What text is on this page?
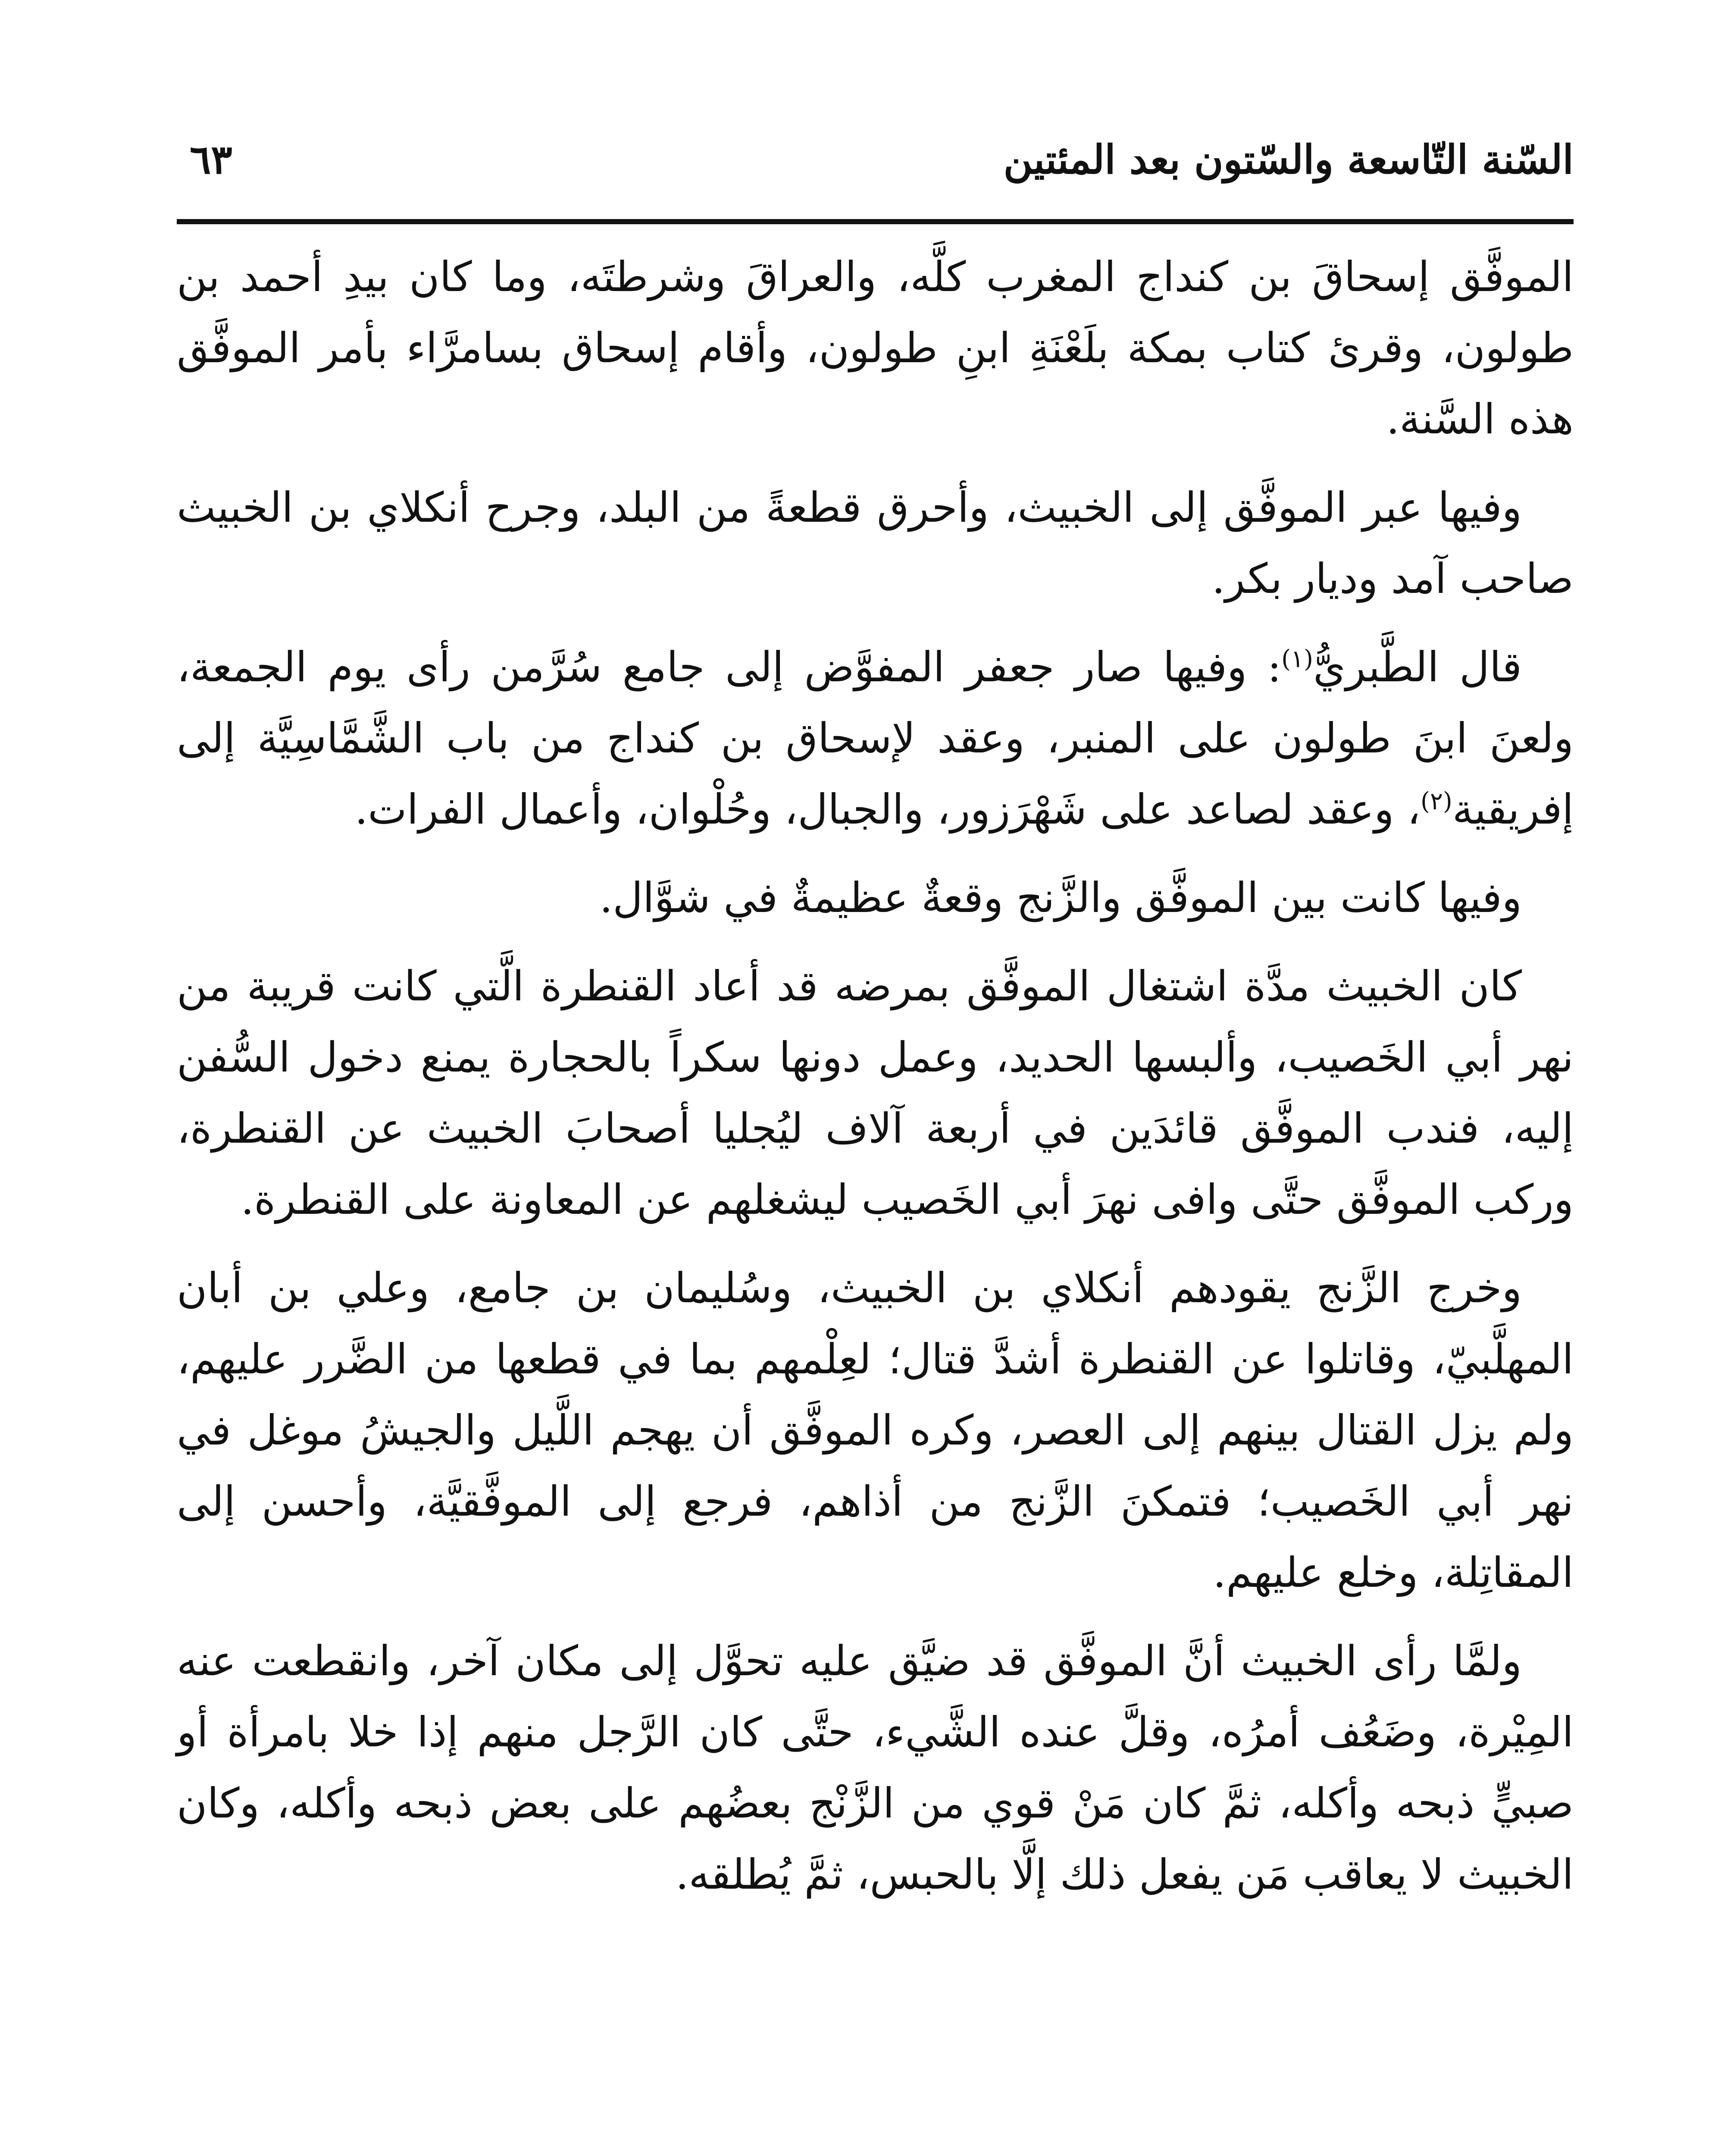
السّنة التّاسعة والسّتون بعد المئتين
٦٣

الموفَّق إسحاقَ بن كنداج المغرب كلَّه، والعراقَ وشرطتَه، وما كان بيدِ أحمد بن طولون، وقرئ كتاب بمكة بلَعْنَةِ ابنِ طولون، وأقام إسحاق بسامرَّاء بأمر الموفَّق هذه السَّنة.

وفيها عبر الموفَّق إلى الخبيث، وأحرق قطعةً من البلد، وجرح أنكلاي بن الخبيث صاحب آمد وديار بكر.

قال الطَّبريُّ$^{(١)}$: وفيها صار جعفر المفوَّض إلى جامع سُرَّمن رأى يوم الجمعة، ولعنَ ابنَ طولون على المنبر، وعقد لإسحاق بن كنداج من باب الشَّمَّاسِيَّة إلى إفريقية$^{(٢)}$، وعقد لصاعد على شَهْرَزور، والجبال، وحُلْوان، وأعمال الفرات.

وفيها كانت بين الموفَّق والزَّنج وقعةٌ عظيمةٌ في شوَّال.

كان الخبيث مدَّة اشتغال الموفَّق بمرضه قد أعاد القنطرة الَّتي كانت قريبة من نهر أبي الخَصيب، وألبسها الحديد، وعمل دونها سكراً بالحجارة يمنع دخول السُّفن إليه، فندب الموفَّق قائدَين في أربعة آلاف ليُجليا أصحابَ الخبيث عن القنطرة، وركب الموفَّق حتَّى وافى نهرَ أبي الخَصيب ليشغلهم عن المعاونة على القنطرة.

وخرج الزَّنج يقودهم أنكلاي بن الخبيث، وسُليمان بن جامع، وعلي بن أبان المهلَّبيّ، وقاتلوا عن القنطرة أشدَّ قتال؛ لعِلْمهم بما في قطعها من الضَّرر عليهم، ولم يزل القتال بينهم إلى العصر، وكره الموفَّق أن يهجم اللَّيل والجيشُ موغل في نهر أبي الخَصيب؛ فتمكنَ الزَّنج من أذاهم، فرجع إلى الموفَّقيَّة، وأحسن إلى المقاتِلة، وخلع عليهم.

ولمَّا رأى الخبيث أنَّ الموفَّق قد ضيَّق عليه تحوَّل إلى مكان آخر، وانقطعت عنه المِيْرة، وضَعُف أمرُه، وقلَّ عنده الشَّيء، حتَّى كان الرَّجل منهم إذا خلا بامرأة أو صبيٍّ ذبحه وأكله، ثمَّ كان مَنْ قوي من الزَّنْج بعضُهم على بعض ذبحه وأكله، وكان الخبيث لا يعاقب مَن يفعل ذلك إلَّا بالحبس، ثمَّ يُطلقه.
